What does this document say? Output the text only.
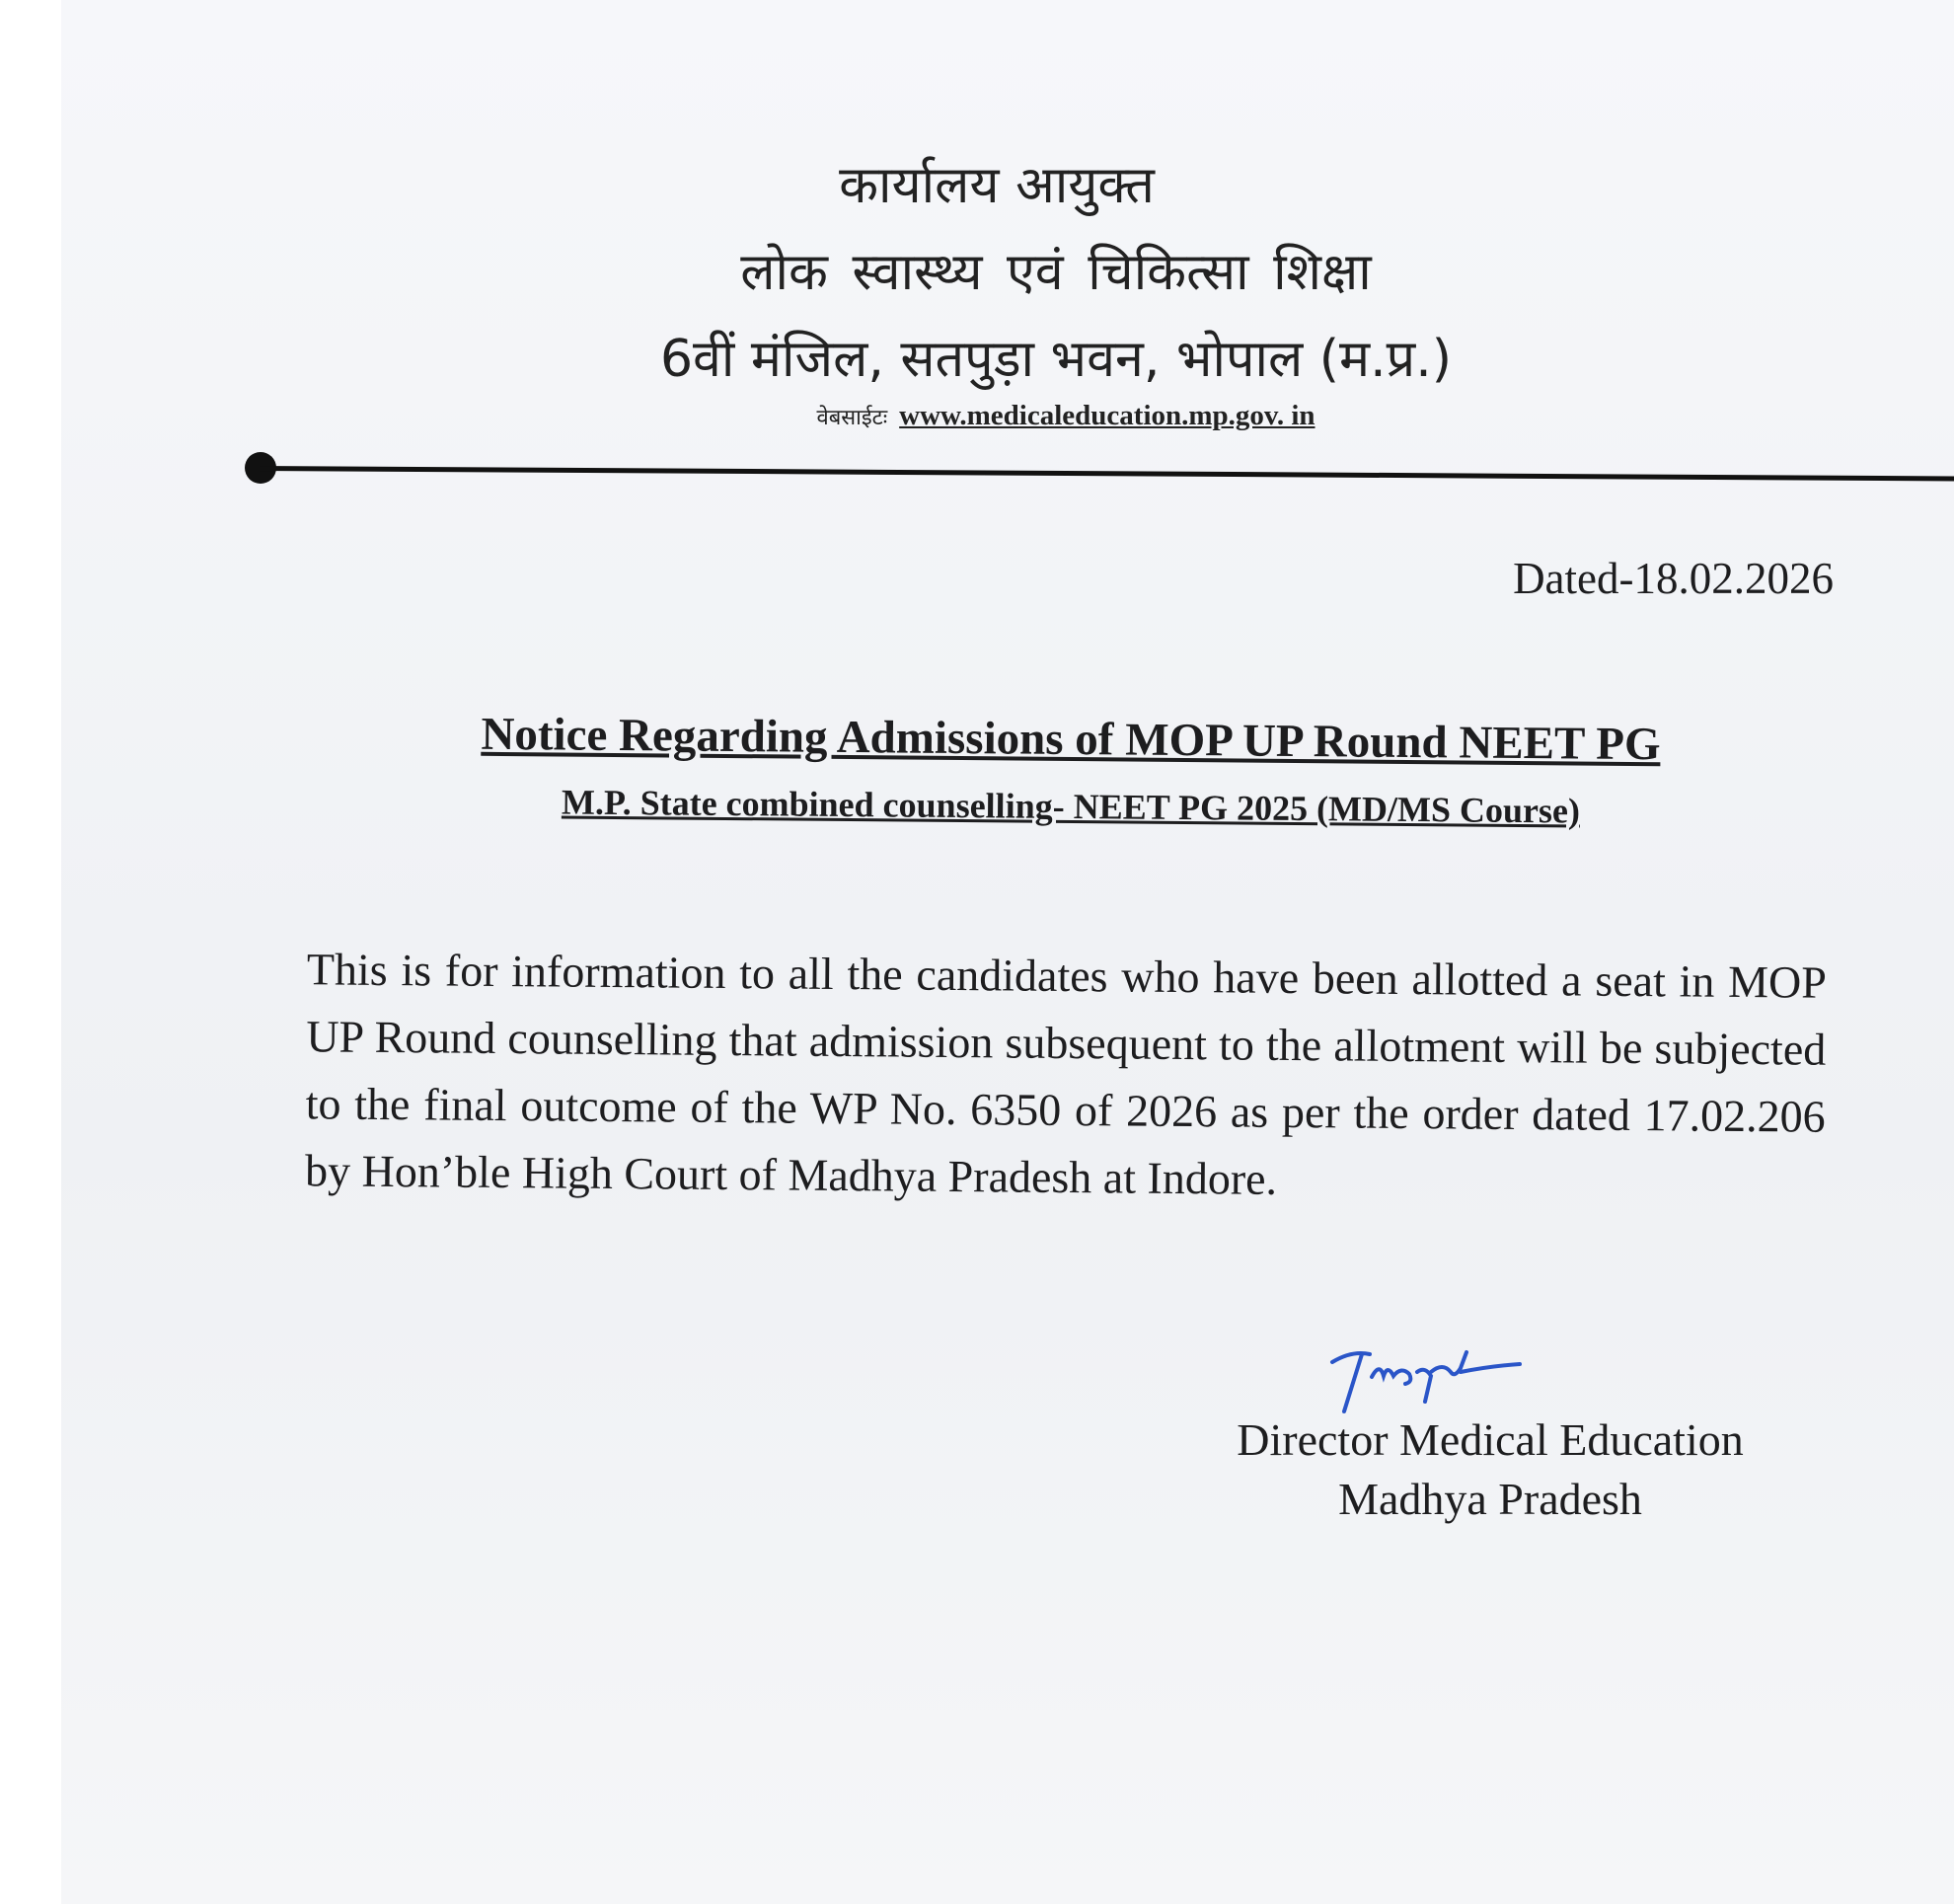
कार्यालय आयुक्त
लोक स्वास्थ्य एवं चिकित्सा शिक्षा
6वीं मंजिल, सतपुड़ा भवन, भोपाल (म.प्र.)
वेबसाईटः www.medicaleducation.mp.gov. in
Dated-18.02.2026
Notice Regarding Admissions of MOP UP Round NEET PG
M.P. State combined counselling- NEET PG 2025 (MD/MS Course)
This is for information to all the candidates who have been allotted a seat in MOP UP Round counselling that admission subsequent to the allotment will be subjected to the final outcome of the WP No. 6350 of 2026 as per the order dated 17.02.206 by Hon’ble High Court of Madhya Pradesh at Indore.
Director Medical Education
Madhya Pradesh
